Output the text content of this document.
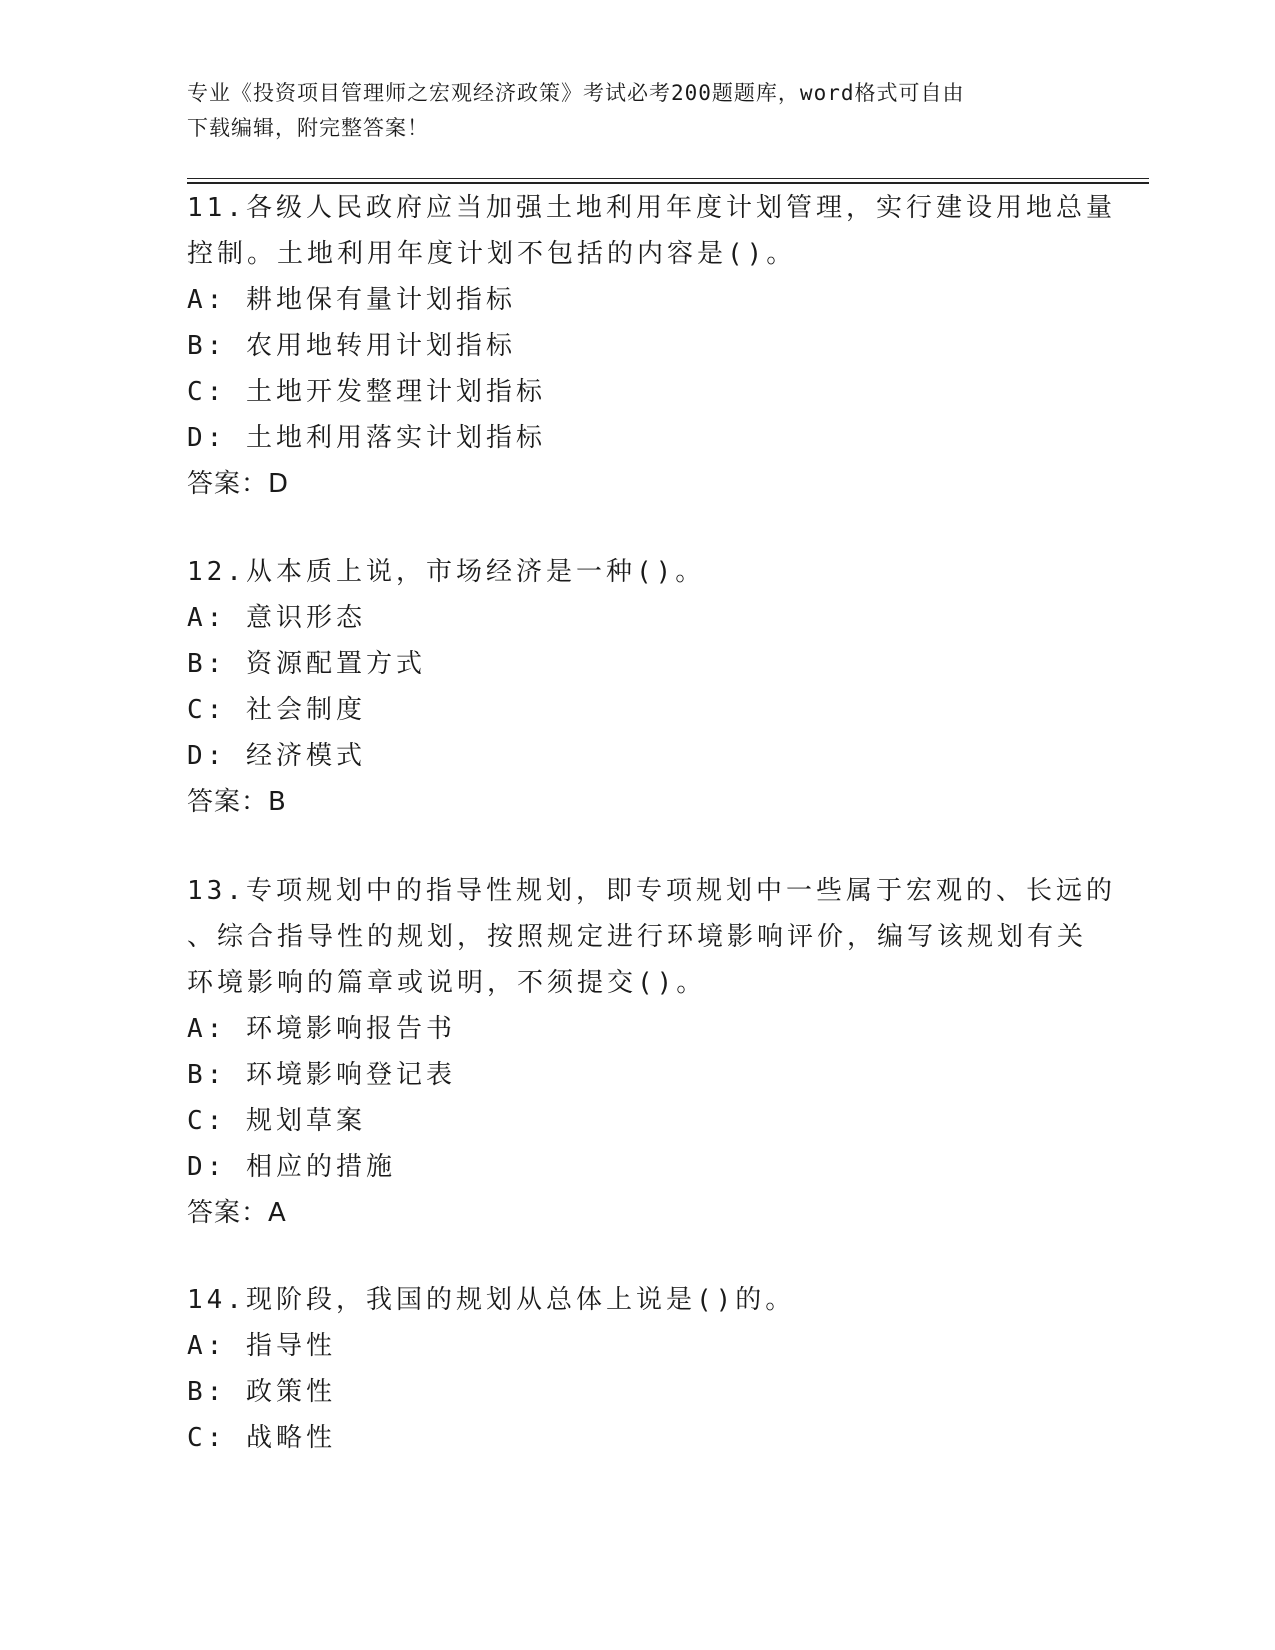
专业《投资项目管理师之宏观经济政策》考试必考200题题库，word格式可自由
下载编辑，附完整答案！
11.各级人民政府应当加强土地利用年度计划管理，实行建设用地总量
控制。土地利用年度计划不包括的内容是()。
A: 耕地保有量计划指标
B: 农用地转用计划指标
C: 土地开发整理计划指标
D: 土地利用落实计划指标
答案：D
12.从本质上说，市场经济是一种()。
A: 意识形态
B: 资源配置方式
C: 社会制度
D: 经济模式
答案：B
13.专项规划中的指导性规划，即专项规划中一些属于宏观的、长远的
、综合指导性的规划，按照规定进行环境影响评价，编写该规划有关
环境影响的篇章或说明，不须提交()。
A: 环境影响报告书
B: 环境影响登记表
C: 规划草案
D: 相应的措施
答案：A
14.现阶段，我国的规划从总体上说是()的。
A: 指导性
B: 政策性
C: 战略性
